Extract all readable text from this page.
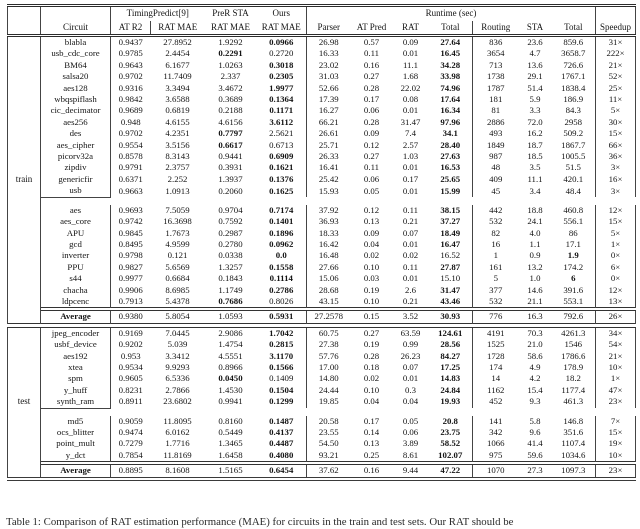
		TimingPredict[9]		PreR STA	Ours	Runtime (sec)							
	Circuit	AT R2	RAT MAE	RAT MAE	RAT MAE	Parser	AT Pred	RAT	Total	Routing	STA	Total	Speedup
train	blabla	0.9437	27.8952	1.9292	0.0966	26.98	0.57	0.09	27.64	836	23.6	859.6	31×
	usb_cdc_core	0.9785	2.4454	0.2291	0.2720	16.33	0.11	0.01	16.45	3654	4.7	3658.7	222×
	BM64	0.9643	6.1677	1.0263	0.3018	23.02	0.16	11.1	34.28	713	13.6	726.6	21×
	salsa20	0.9702	11.7409	2.337	0.2305	31.03	0.27	1.68	33.98	1738	29.1	1767.1	52×
	aes128	0.9316	3.3494	3.4672	1.9977	52.66	0.28	22.02	74.96	1787	51.4	1838.4	25×
	wbqspiflash	0.9842	3.6588	0.3689	0.1364	17.39	0.17	0.08	17.64	181	5.9	186.9	11×
	cic_decimator	0.9689	0.6819	0.2188	0.1171	16.27	0.06	0.01	16.34	81	3.3	84.3	5×
	aes256	0.948	4.6155	4.6156	3.6112	66.21	0.28	31.47	97.96	2886	72.0	2958	30×
	des	0.9702	4.2351	0.7797	2.5621	26.61	0.09	7.4	34.1	493	16.2	509.2	15×
	aes_cipher	0.9554	3.5156	0.6617	0.6713	25.71	0.12	2.57	28.40	1849	18.7	1867.7	66×
	picorv32a	0.8578	8.3143	0.9441	0.6909	26.33	0.27	1.03	27.63	987	18.5	1005.5	36×
	zipdiv	0.9791	2.3757	0.3931	0.1621	16.41	0.11	0.01	16.53	48	3.5	51.5	3×
	genericfir	0.6371	2.252	1.3937	0.1376	25.42	0.06	0.17	25.65	409	11.1	420.1	16×
	usb	0.9663	1.0913	0.2060	0.1625	15.93	0.05	0.01	15.99	45	3.4	48.4	3×

	aes	0.9693	7.5059	0.9704	0.7174	37.92	0.12	0.11	38.15	442	18.8	460.8	12×
	aes_core	0.9742	16.3698	0.7592	0.1401	36.93	0.13	0.21	37.27	532	24.1	556.1	15×
	APU	0.9845	1.7673	0.2987	0.1896	18.33	0.09	0.07	18.49	82	4.0	86	5×
	gcd	0.8495	4.9599	0.2780	0.0962	16.42	0.04	0.01	16.47	16	1.1	17.1	1×
	inverter	0.9798	0.121	0.0338	0.0	16.48	0.02	0.02	16.52	1	0.9	1.9	0×
	PPU	0.9827	5.6569	1.3257	0.1558	27.66	0.10	0.11	27.87	161	13.2	174.2	6×
	s44	0.9977	0.6684	0.1843	0.1114	15.06	0.03	0.01	15.10	5	1.0	6	0×
	chacha	0.9906	8.6985	1.1749	0.2786	28.68	0.19	2.6	31.47	377	14.6	391.6	12×
	ldpcenc	0.7913	5.4378	0.7686	0.8026	43.15	0.10	0.21	43.46	532	21.1	553.1	13×

	Average	0.9380	5.8054	1.0593	0.5931	27.2578	0.15	3.52	30.93	776	16.3	792.6	26×

test	jpeg_encoder	0.9169	7.0445	2.9086	1.7042	60.75	0.27	63.59	124.61	4191	70.3	4261.3	34×
	usbf_device	0.9202	5.039	1.4754	0.2815	27.38	0.19	0.99	28.56	1525	21.0	1546	54×
	aes192	0.953	3.3412	4.5551	3.1170	57.76	0.28	26.23	84.27	1728	58.6	1786.6	21×
	xtea	0.9534	9.9293	0.8966	0.1566	17.00	0.18	0.07	17.25	174	4.9	178.9	10×
	spm	0.9605	6.5336	0.0450	0.1409	14.80	0.02	0.01	14.83	14	4.2	18.2	1×
	y_huff	0.8231	2.7866	1.4530	0.1504	24.44	0.10	0.3	24.84	1162	15.4	1177.4	47×
	synth_ram	0.8911	23.6802	0.9941	0.1299	19.85	0.04	0.04	19.93	452	9.3	461.3	23×

	md5	0.9059	11.8095	0.8160	0.1487	20.58	0.17	0.05	20.8	141	5.8	146.8	7×
	ocs_blitter	0.9474	6.0162	0.5449	0.4137	23.55	0.14	0.06	23.75	342	9.6	351.6	15×
	point_mult	0.7279	1.7716	1.3465	0.4487	54.50	0.13	3.89	58.52	1066	41.4	1107.4	19×
	y_dct	0.7854	11.8169	1.6458	0.4080	93.21	0.25	8.61	102.07	975	59.6	1034.6	10×

	Average	0.8895	8.1608	1.5165	0.6454	37.62	0.16	9.44	47.22	1070	27.3	1097.3	23×

Table 1: Comparison of RAT estimation performance (MAE) for circuits in the train and test sets. Our RAT should be
